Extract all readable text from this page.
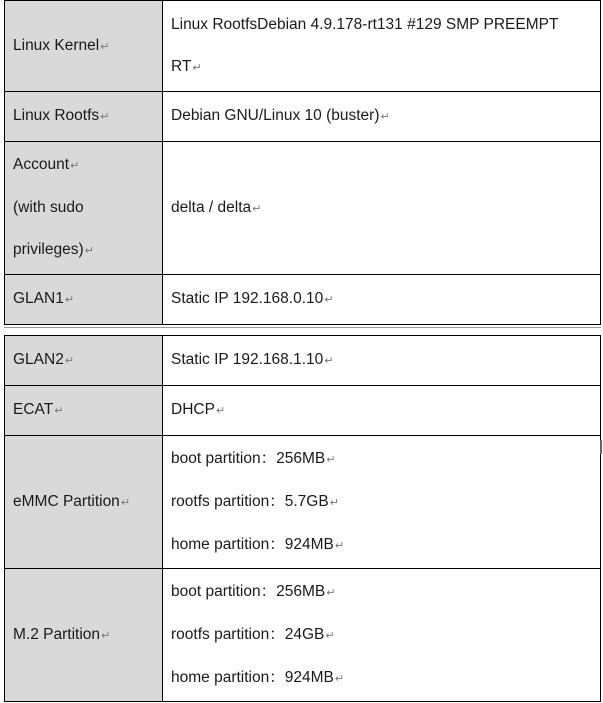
Linux Kernel↵	Linux RootfsDebian 4.9.178-rt131 #129 SMP PREEMPT
RT↵

Linux Rootfs↵	Debian GNU/Linux 10 (buster)↵

Account↵
(with sudo
privileges)↵	delta / delta↵
GLAN1↵	Static IP 192.168.0.10↵
GLAN2↵	Static IP 192.168.1.10↵
ECAT↵	DHCP↵
eMMC Partition↵	boot partition：256MB↵
rootfs partition：5.7GB↵
home partition：924MB↵

M.2 Partition↵	boot partition：256MB↵
rootfs partition：24GB↵
home partition：924MB↵
